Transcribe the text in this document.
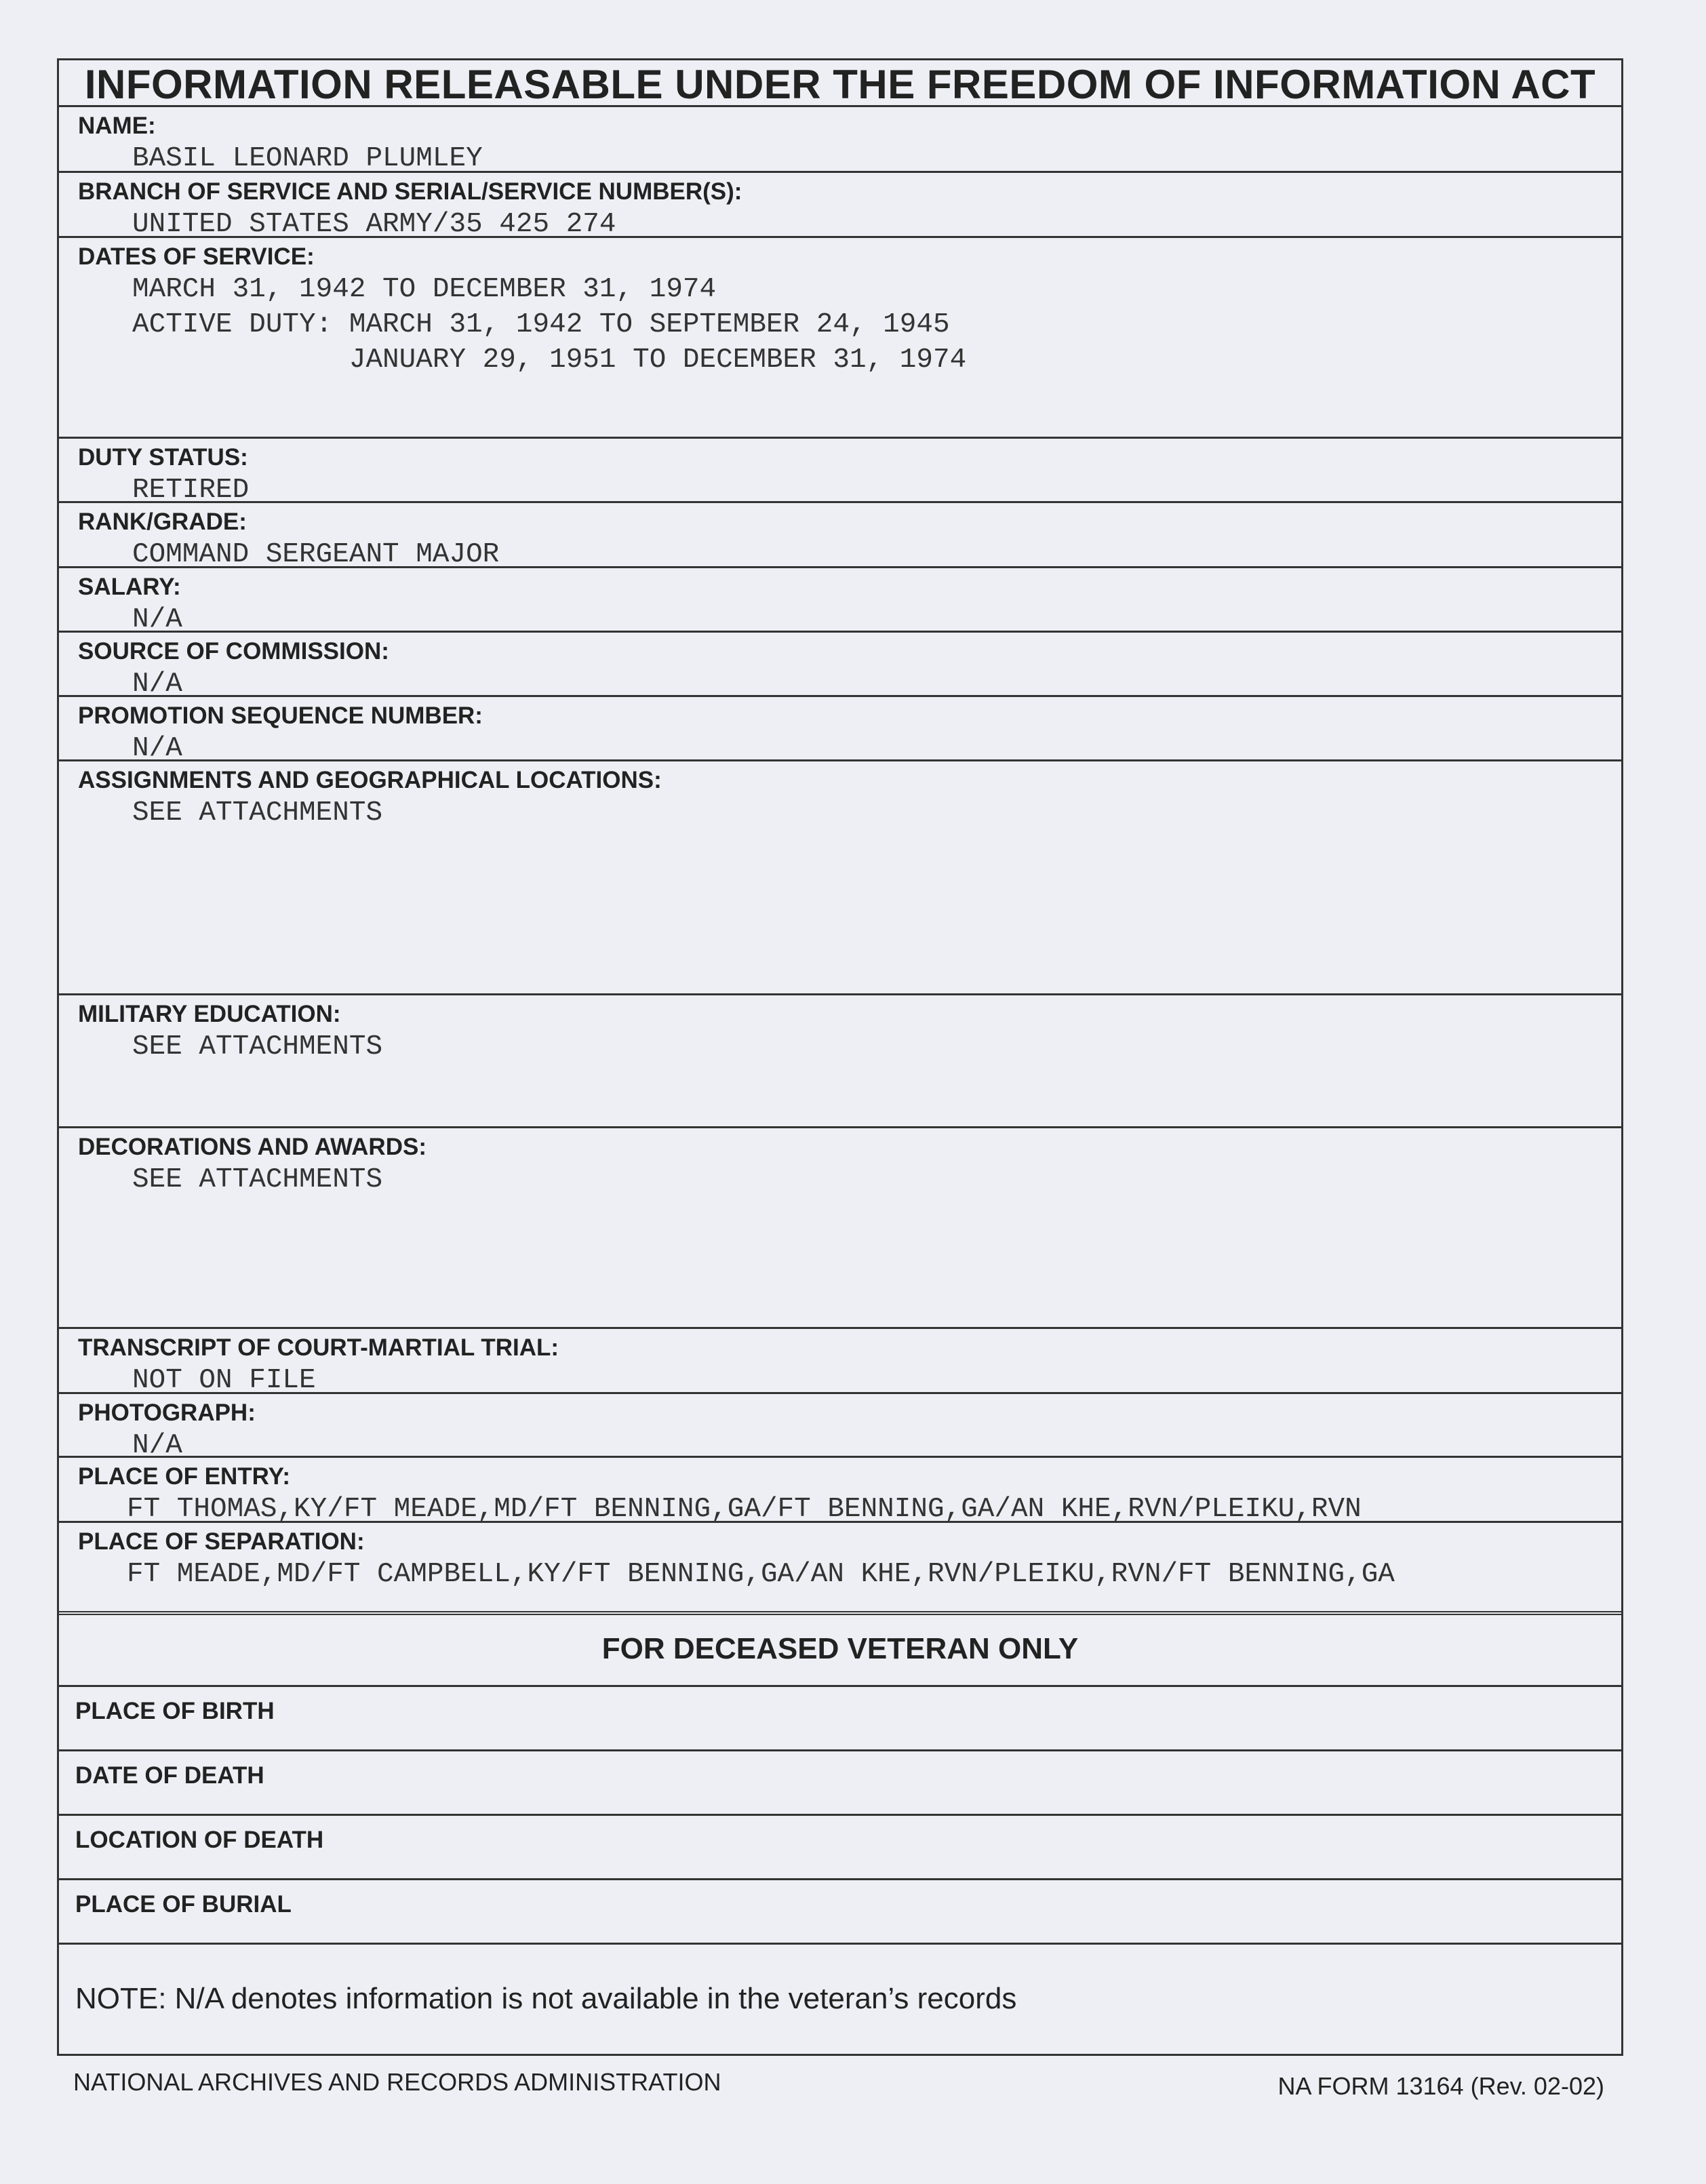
INFORMATION RELEASABLE UNDER THE FREEDOM OF INFORMATION ACT
NAME:
BASIL LEONARD PLUMLEY
BRANCH OF SERVICE AND SERIAL/SERVICE NUMBER(S):
UNITED STATES ARMY/35 425 274
DATES OF SERVICE:
MARCH 31, 1942 TO DECEMBER 31, 1974
ACTIVE DUTY: MARCH 31, 1942 TO SEPTEMBER 24, 1945
JANUARY 29, 1951 TO DECEMBER 31, 1974
DUTY STATUS:
RETIRED
RANK/GRADE:
COMMAND SERGEANT MAJOR
SALARY:
N/A
SOURCE OF COMMISSION:
N/A
PROMOTION SEQUENCE NUMBER:
N/A
ASSIGNMENTS AND GEOGRAPHICAL LOCATIONS:
SEE ATTACHMENTS
MILITARY EDUCATION:
SEE ATTACHMENTS
DECORATIONS AND AWARDS:
SEE ATTACHMENTS
TRANSCRIPT OF COURT-MARTIAL TRIAL:
NOT ON FILE
PHOTOGRAPH:
N/A
PLACE OF ENTRY:
FT THOMAS,KY/FT MEADE,MD/FT BENNING,GA/FT BENNING,GA/AN KHE,RVN/PLEIKU,RVN
PLACE OF SEPARATION:
FT MEADE,MD/FT CAMPBELL,KY/FT BENNING,GA/AN KHE,RVN/PLEIKU,RVN/FT BENNING,GA
FOR DECEASED VETERAN ONLY
PLACE OF BIRTH
DATE OF DEATH
LOCATION OF DEATH
PLACE OF BURIAL
NOTE: N/A denotes information is not available in the veteran’s records
NATIONAL ARCHIVES AND RECORDS ADMINISTRATION	NA FORM 13164 (Rev. 02-02)
